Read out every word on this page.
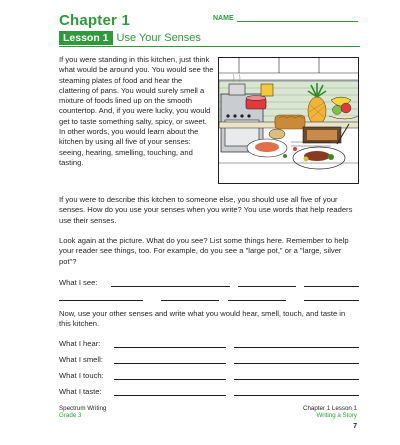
Chapter 1	NAME
Lesson 1 Use Your Senses
If you were standing in this kitchen, just think what would be around you. You would see the steaming plates of food and hear the clattering of pans. You would surely smell a mixture of foods lined up on the smooth countertop. And, if you were lucky, you would get to taste something salty, spicy, or sweet. In other words, you would learn about the kitchen by using all five of your senses: seeing, hearing, smelling, touching, and tasting.
If you were to describe this kitchen to someone else, you should use all five of your senses. How do you use your senses when you write? You use words that help readers use their senses.
Look again at the picture. What do you see? List some things here. Remember to help your reader see things, too. For example, do you see a "large pot," or a "large, silver pot"?
What I see:
Now, use your other senses and write what you would hear, smell, touch, and taste in this kitchen.
What I hear:
What I smell:
What I touch:
What I taste:
Spectrum Writing
Grade 3
Chapter 1 Lesson 1
Writing a Story
7
